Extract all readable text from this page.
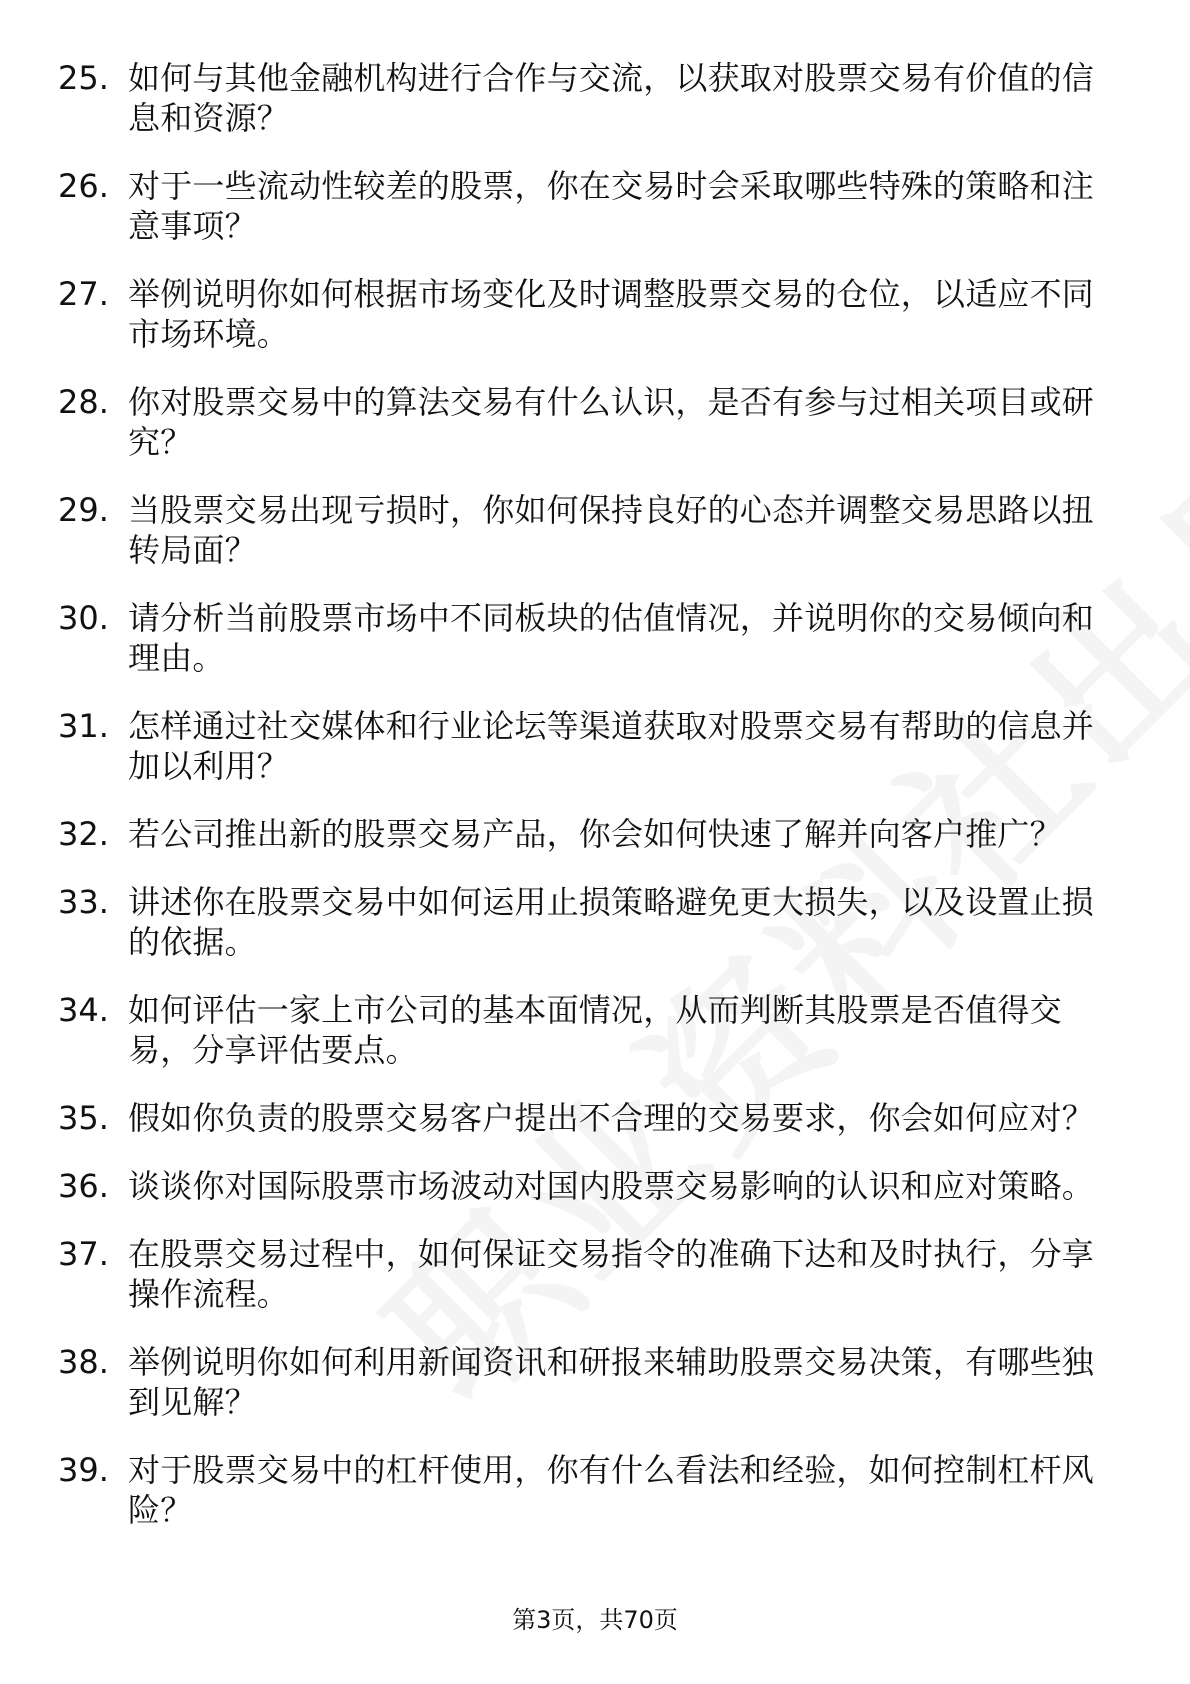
25. 如何与其他金融机构进行合作与交流，以获取对股票交易有价值的信息和资源？
26. 对于一些流动性较差的股票，你在交易时会采取哪些特殊的策略和注意事项？
27. 举例说明你如何根据市场变化及时调整股票交易的仓位，以适应不同市场环境。
28. 你对股票交易中的算法交易有什么认识，是否有参与过相关项目或研究？
29. 当股票交易出现亏损时，你如何保持良好的心态并调整交易思路以扭转局面？
30. 请分析当前股票市场中不同板块的估值情况，并说明你的交易倾向和理由。
31. 怎样通过社交媒体和行业论坛等渠道获取对股票交易有帮助的信息并加以利用？
32. 若公司推出新的股票交易产品，你会如何快速了解并向客户推广？
33. 讲述你在股票交易中如何运用止损策略避免更大损失，以及设置止损的依据。
34. 如何评估一家上市公司的基本面情况，从而判断其股票是否值得交易，分享评估要点。
35. 假如你负责的股票交易客户提出不合理的交易要求，你会如何应对？
36. 谈谈你对国际股票市场波动对国内股票交易影响的认识和应对策略。
37. 在股票交易过程中，如何保证交易指令的准确下达和及时执行，分享操作流程。
38. 举例说明你如何利用新闻资讯和研报来辅助股票交易决策，有哪些独到见解？
39. 对于股票交易中的杠杆使用，你有什么看法和经验，如何控制杠杆风险？
第3页，共70页
